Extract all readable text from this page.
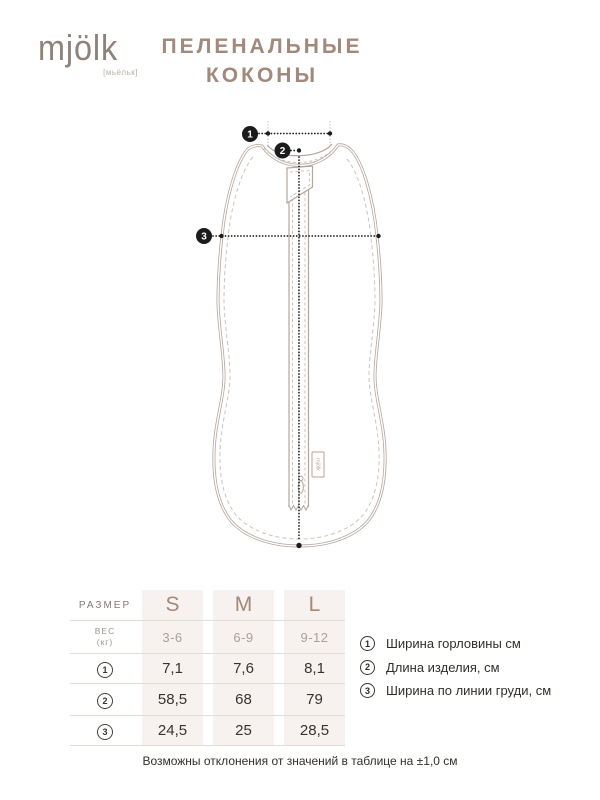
mjölk
[мьёльк]
ПЕЛЕНАЛЬНЫЕ
КОКОНЫ
mjölk
1
2
3
РАЗМЕР	S	M	L
ВЕС
(кг)	3-6	6-9	9-12
1	7,1	7,6	8,1
2	58,5	68	79
3	24,5	25	28,5
1	Ширина горловины см
2	Длина изделия, см
3	Ширина по линии груди, см
Возможны отклонения от значений в таблице на ±1,0 см
